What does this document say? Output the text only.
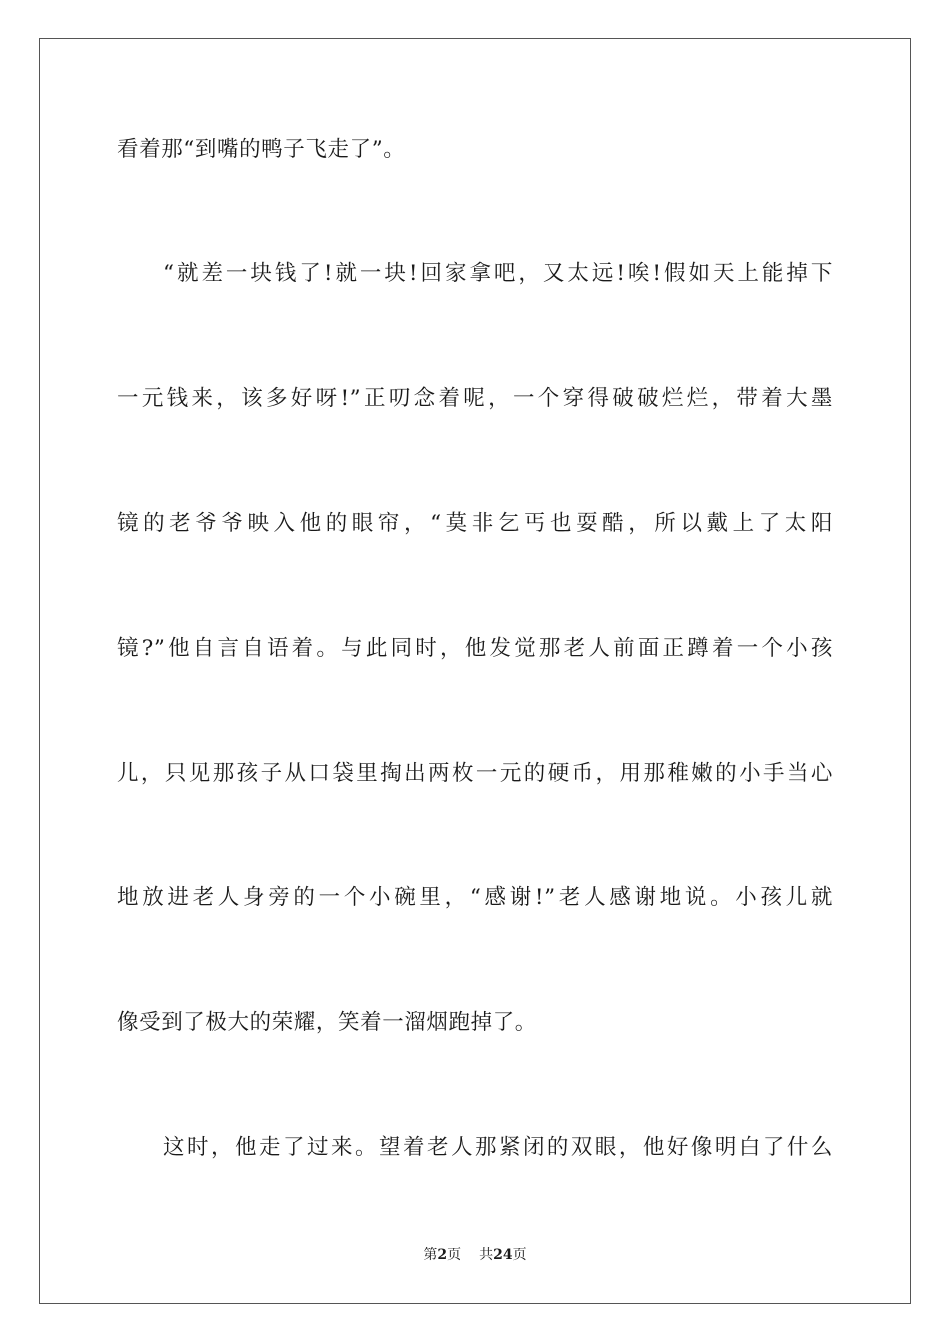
看着那“到嘴的鸭子飞走了”。
“就差一块钱了!就一块!回家拿吧，又太远!唉!假如天上能掉下
一元钱来，该多好呀!”正叨念着呢，一个穿得破破烂烂，带着大墨
镜的老爷爷映入他的眼帘，“莫非乞丐也耍酷，所以戴上了太阳
镜?”他自言自语着。与此同时，他发觉那老人前面正蹲着一个小孩
儿，只见那孩子从口袋里掏出两枚一元的硬币，用那稚嫩的小手当心
地放进老人身旁的一个小碗里，“感谢!”老人感谢地说。小孩儿就
像受到了极大的荣耀，笑着一溜烟跑掉了。
这时，他走了过来。望着老人那紧闭的双眼，他好像明白了什么
第2页 共24页
